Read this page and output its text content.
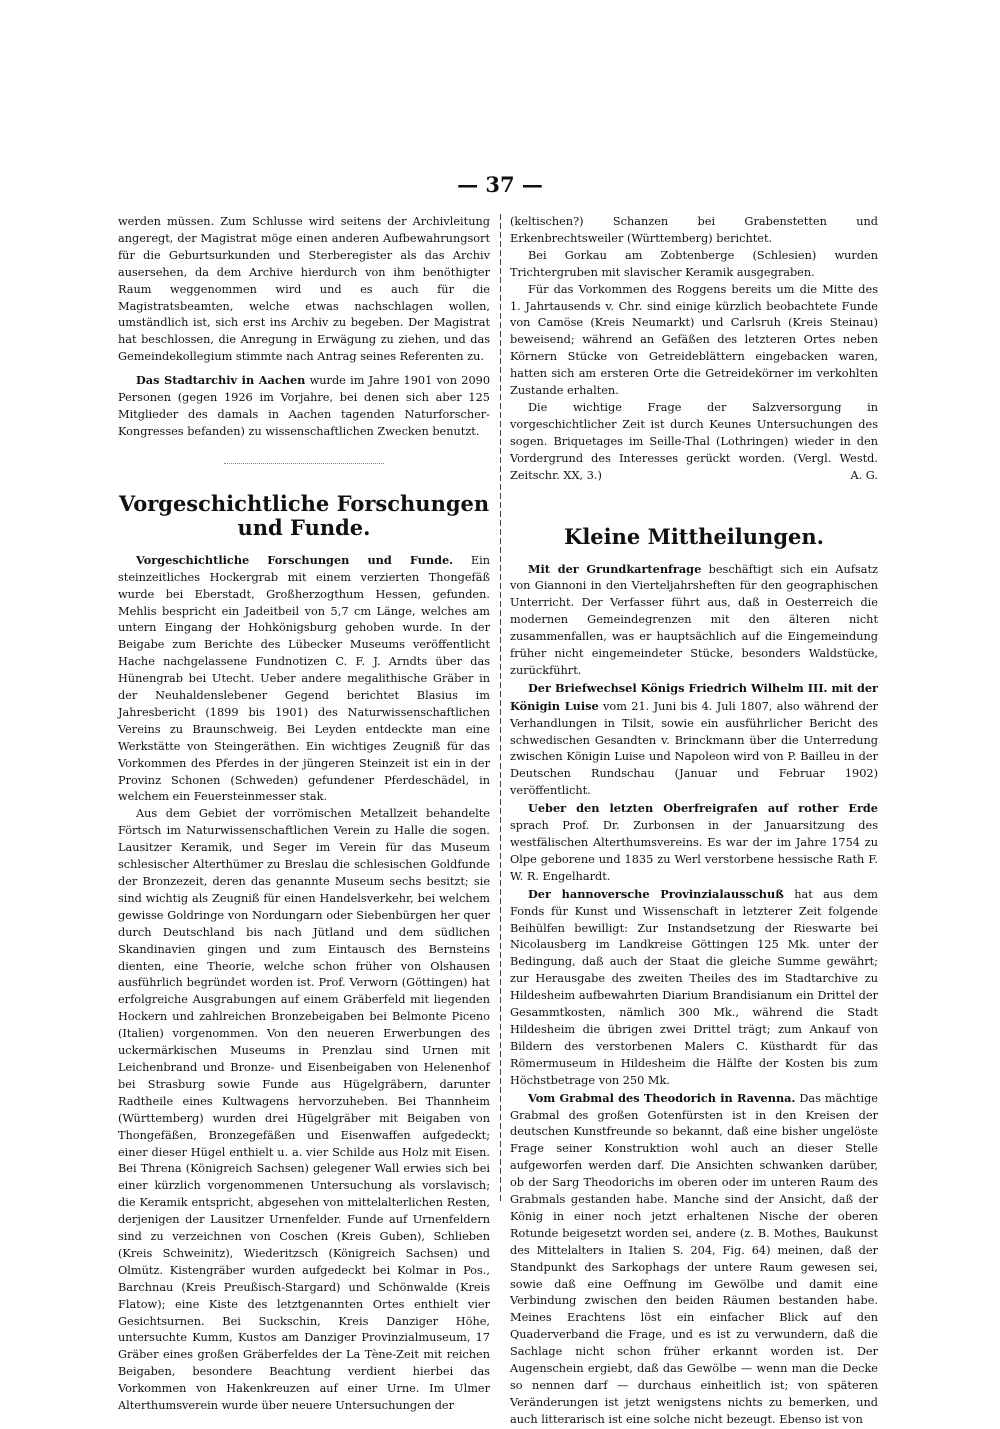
— 37 —

werden müssen. Zum Schlusse wird seitens der Archivleitung angeregt, der Magistrat möge einen anderen Aufbewahrungsort für die Geburtsurkunden und Sterberegister als das Archiv ausersehen, da dem Archive hierdurch von ihm benöthigter Raum weggenommen wird und es auch für die Magistratsbeamten, welche etwas nachschlagen wollen, umständlich ist, sich erst ins Archiv zu begeben. Der Magistrat hat beschlossen, die Anregung in Erwägung zu ziehen, und das Gemeindekollegium stimmte nach Antrag seines Referenten zu.

Das Stadtarchiv in Aachen wurde im Jahre 1901 von 2090 Personen (gegen 1926 im Vorjahre, bei denen sich aber 125 Mitglieder des damals in Aachen tagenden Naturforscher-Kongresses befanden) zu wissenschaftlichen Zwecken benutzt.

Vorgeschichtliche Forschungen und Funde.

Vorgeschichtliche Forschungen und Funde. Ein steinzeitliches Hockergrab mit einem verzierten Thongefäß wurde bei Eberstadt, Großherzogthum Hessen, gefunden. Mehlis bespricht ein Jadeitbeil von 5,7 cm Länge, welches am untern Eingang der Hohkönigsburg gehoben wurde. In der Beigabe zum Berichte des Lübecker Museums veröffentlicht Hache nachgelassene Fundnotizen C. F. J. Arndts über das Hünengrab bei Utecht. Ueber andere megalithische Gräber in der Neuhaldenslebener Gegend berichtet Blasius im Jahresbericht (1899 bis 1901) des Naturwissenschaftlichen Vereins zu Braunschweig. Bei Leyden entdeckte man eine Werkstätte von Steingeräthen. Ein wichtiges Zeugniß für das Vorkommen des Pferdes in der jüngeren Steinzeit ist ein in der Provinz Schonen (Schweden) gefundener Pferdeschädel, in welchem ein Feuersteinmesser stak.

Aus dem Gebiet der vorrömischen Metallzeit behandelte Förtsch im Naturwissenschaftlichen Verein zu Halle die sogen. Lausitzer Keramik, und Seger im Verein für das Museum schlesischer Alterthümer zu Breslau die schlesischen Goldfunde der Bronzezeit, deren das genannte Museum sechs besitzt; sie sind wichtig als Zeugniß für einen Handelsverkehr, bei welchem gewisse Goldringe von Nordungarn oder Siebenbürgen her quer durch Deutschland bis nach Jütland und dem südlichen Skandinavien gingen und zum Eintausch des Bernsteins dienten, eine Theorie, welche schon früher von Olshausen ausführlich begründet worden ist. Prof. Verworn (Göttingen) hat erfolgreiche Ausgrabungen auf einem Gräberfeld mit liegenden Hockern und zahlreichen Bronzebeigaben bei Belmonte Piceno (Italien) vorgenommen. Von den neueren Erwerbungen des uckermärkischen Museums in Prenzlau sind Urnen mit Leichenbrand und Bronze- und Eisenbeigaben von Helenenhof bei Strasburg sowie Funde aus Hügelgräbern, darunter Radtheile eines Kultwagens hervorzuheben. Bei Thannheim (Württemberg) wurden drei Hügelgräber mit Beigaben von Thongefäßen, Bronzegefäßen und Eisenwaffen aufgedeckt; einer dieser Hügel enthielt u. a. vier Schilde aus Holz mit Eisen. Bei Threna (Königreich Sachsen) gelegener Wall erwies sich bei einer kürzlich vorgenommenen Untersuchung als vorslavisch; die Keramik entspricht, abgesehen von mittelalterlichen Resten, derjenigen der Lausitzer Urnenfelder. Funde auf Urnenfeldern sind zu verzeichnen von Coschen (Kreis Guben), Schlieben (Kreis Schweinitz), Wiederitzsch (Königreich Sachsen) und Olmütz. Kistengräber wurden aufgedeckt bei Kolmar in Pos., Barchnau (Kreis Preußisch-Stargard) und Schönwalde (Kreis Flatow); eine Kiste des letztgenannten Ortes enthielt vier Gesichtsurnen. Bei Suckschin, Kreis Danziger Höhe, untersuchte Kumm, Kustos am Danziger Provinzialmuseum, 17 Gräber eines großen Gräberfeldes der La Tène-Zeit mit reichen Beigaben, besondere Beachtung verdient hierbei das Vorkommen von Hakenkreuzen auf einer Urne. Im Ulmer Alterthumsverein wurde über neuere Untersuchungen der

(keltischen?) Schanzen bei Grabenstetten und Erkenbrechtsweiler (Württemberg) berichtet.

Bei Gorkau am Zobtenberge (Schlesien) wurden Trichtergruben mit slavischer Keramik ausgegraben.

Für das Vorkommen des Roggens bereits um die Mitte des 1. Jahrtausends v. Chr. sind einige kürzlich beobachtete Funde von Camöse (Kreis Neumarkt) und Carlsruh (Kreis Steinau) beweisend; während an Gefäßen des letzteren Ortes neben Körnern Stücke von Getreideblättern eingebacken waren, hatten sich am ersteren Orte die Getreidekörner im verkohlten Zustande erhalten.

Die wichtige Frage der Salzversorgung in vorgeschichtlicher Zeit ist durch Keunes Untersuchungen des sogen. Briquetages im Seille-Thal (Lothringen) wieder in den Vordergrund des Interesses gerückt worden. (Vergl. Westd. Zeitschr. XX, 3.)	A. G.

Kleine Mittheilungen.

Mit der Grundkartenfrage beschäftigt sich ein Aufsatz von Giannoni in den Vierteljahrsheften für den geographischen Unterricht. Der Verfasser führt aus, daß in Oesterreich die modernen Gemeindegrenzen mit den älteren nicht zusammenfallen, was er hauptsächlich auf die Eingemeindung früher nicht eingemeindeter Stücke, besonders Waldstücke, zurückführt.

Der Briefwechsel Königs Friedrich Wilhelm III. mit der Königin Luise vom 21. Juni bis 4. Juli 1807, also während der Verhandlungen in Tilsit, sowie ein ausführlicher Bericht des schwedischen Gesandten v. Brinckmann über die Unterredung zwischen Königin Luise und Napoleon wird von P. Bailleu in der Deutschen Rundschau (Januar und Februar 1902) veröffentlicht.

Ueber den letzten Oberfreigrafen auf rother Erde sprach Prof. Dr. Zurbonsen in der Januarsitzung des westfälischen Alterthumsvereins. Es war der im Jahre 1754 zu Olpe geborene und 1835 zu Werl verstorbene hessische Rath F. W. R. Engelhardt.

Der hannoversche Provinzialausschuß hat aus dem Fonds für Kunst und Wissenschaft in letzterer Zeit folgende Beihülfen bewilligt: Zur Instandsetzung der Rieswarte bei Nicolausberg im Landkreise Göttingen 125 Mk. unter der Bedingung, daß auch der Staat die gleiche Summe gewährt; zur Herausgabe des zweiten Theiles des im Stadtarchive zu Hildesheim aufbewahrten Diarium Brandisianum ein Drittel der Gesammtkosten, nämlich 300 Mk., während die Stadt Hildesheim die übrigen zwei Drittel trägt; zum Ankauf von Bildern des verstorbenen Malers C. Küsthardt für das Römermuseum in Hildesheim die Hälfte der Kosten bis zum Höchstbetrage von 250 Mk.

Vom Grabmal des Theodorich in Ravenna. Das mächtige Grabmal des großen Gotenfürsten ist in den Kreisen der deutschen Kunstfreunde so bekannt, daß eine bisher ungelöste Frage seiner Konstruktion wohl auch an dieser Stelle aufgeworfen werden darf. Die Ansichten schwanken darüber, ob der Sarg Theodorichs im oberen oder im unteren Raum des Grabmals gestanden habe. Manche sind der Ansicht, daß der König in einer noch jetzt erhaltenen Nische der oberen Rotunde beigesetzt worden sei, andere (z. B. Mothes, Baukunst des Mittelalters in Italien S. 204, Fig. 64) meinen, daß der Standpunkt des Sarkophags der untere Raum gewesen sei, sowie daß eine Oeffnung im Gewölbe und damit eine Verbindung zwischen den beiden Räumen bestanden habe. Meines Erachtens löst ein einfacher Blick auf den Quaderverband die Frage, und es ist zu verwundern, daß die Sachlage nicht schon früher erkannt worden ist. Der Augenschein ergiebt, daß das Gewölbe — wenn man die Decke so nennen darf — durchaus einheitlich ist; von späteren Veränderungen ist jetzt wenigstens nichts zu bemerken, und auch litterarisch ist eine solche nicht bezeugt. Ebenso ist von
